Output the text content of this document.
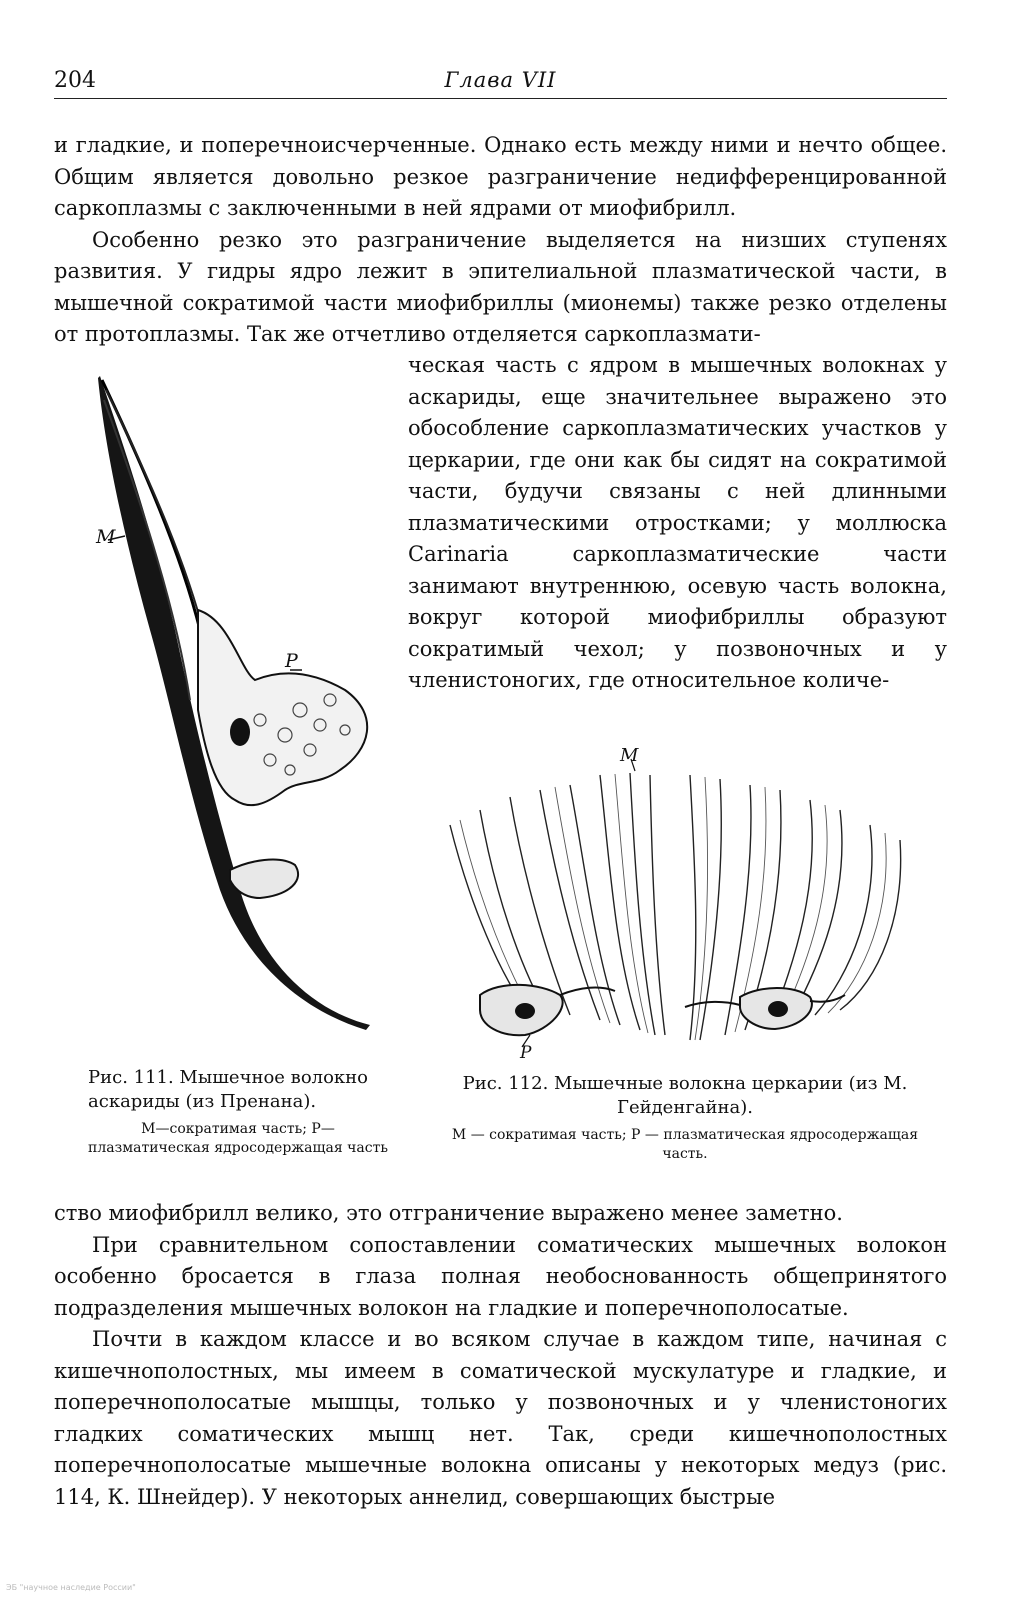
204	Глава VII

и гладкие, и поперечноисчерченные. Однако есть между ними и нечто общее. Общим является довольно резкое разграничение недифференцированной саркоплазмы с заключенными в ней ядрами от миофибрилл.

Особенно резко это разграничение выделяется на низших ступенях развития. У гидры ядро лежит в эпителиальной плазматической части, в мышечной сократимой части миофибриллы (мионемы) также резко отделены от протоплазмы. Так же отчетливо отделяется саркоплазмати-

ческая часть с ядром в мышечных волокнах у аскариды, еще значительнее выражено это обособление саркоплазматических участков у церкарии, где они как бы сидят на сократимой части, будучи связаны с ней длинными плазматическими отростками; у моллюска Carinaria саркоплазматические части занимают внутреннюю, осевую часть волокна, вокруг которой миофибриллы образуют сократимый чехол; у позвоночных и у членистоногих, где относительное количе-

M
P

Рис. 111. Мышечное волокно аскариды (из Пренана).

М—сократимая часть; Р—плазматическая ядросодержащая часть

M
P

Рис. 112. Мышечные волокна церкарии (из М. Гейденгайна).

М — сократимая часть; Р — плазматическая ядросодержащая часть.

ство миофибрилл велико, это отграничение выражено менее заметно.

При сравнительном сопоставлении соматических мышечных волокон особенно бросается в глаза полная необоснованность общепринятого подразделения мышечных волокон на гладкие и поперечнополосатые.

Почти в каждом классе и во всяком случае в каждом типе, начиная с кишечнополостных, мы имеем в соматической мускулатуре и гладкие, и поперечнополосатые мышцы, только у позвоночных и у членистоногих гладких соматических мышц нет. Так, среди кишечнополостных поперечнополосатые мышечные волокна описаны у некоторых медуз (рис. 114, К. Шнейдер). У некоторых аннелид, совершающих быстрые

ЭБ "научное наследие России"
